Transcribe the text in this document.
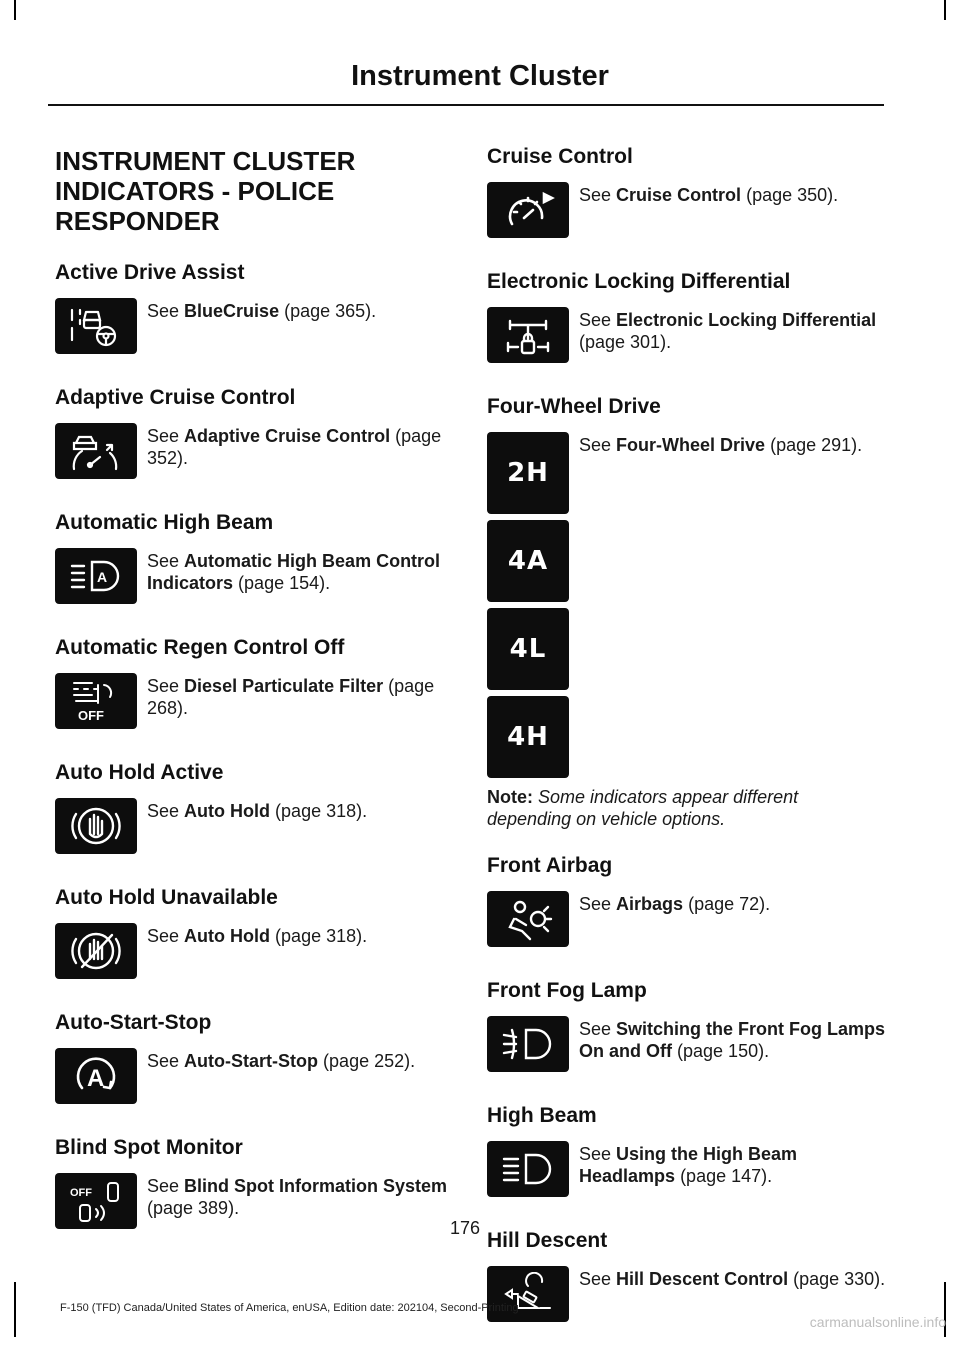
Instrument Cluster
INSTRUMENT CLUSTER INDICATORS - POLICE RESPONDER
Active Drive Assist
See BlueCruise (page 365).
Adaptive Cruise Control
See Adaptive Cruise Control (page 352).
Automatic High Beam
A
See Automatic High Beam Control Indicators (page 154).
Automatic Regen Control Off
OFF
See Diesel Particulate Filter (page 268).
Auto Hold Active
See Auto Hold (page 318).
Auto Hold Unavailable
See Auto Hold (page 318).
Auto-Start-Stop
A
See Auto-Start-Stop (page 252).
Blind Spot Monitor
OFF	See Blind Spot Information System (page 389).
Cruise Control
See Cruise Control (page 350).
Electronic Locking Differential
See Electronic Locking Differential (page 301).
Four-Wheel Drive
2H
4A
4L
4H
See Four-Wheel Drive (page 291).
Note: Some indicators appear different depending on vehicle options.
Front Airbag
See Airbags (page 72).
Front Fog Lamp
See Switching the Front Fog Lamps On and Off (page 150).
High Beam
See Using the High Beam Headlamps (page 147).
Hill Descent
See Hill Descent Control (page 330).
176
F-150 (TFD) Canada/United States of America, enUSA, Edition date: 202104, Second-Printing
carmanualsonline.info
